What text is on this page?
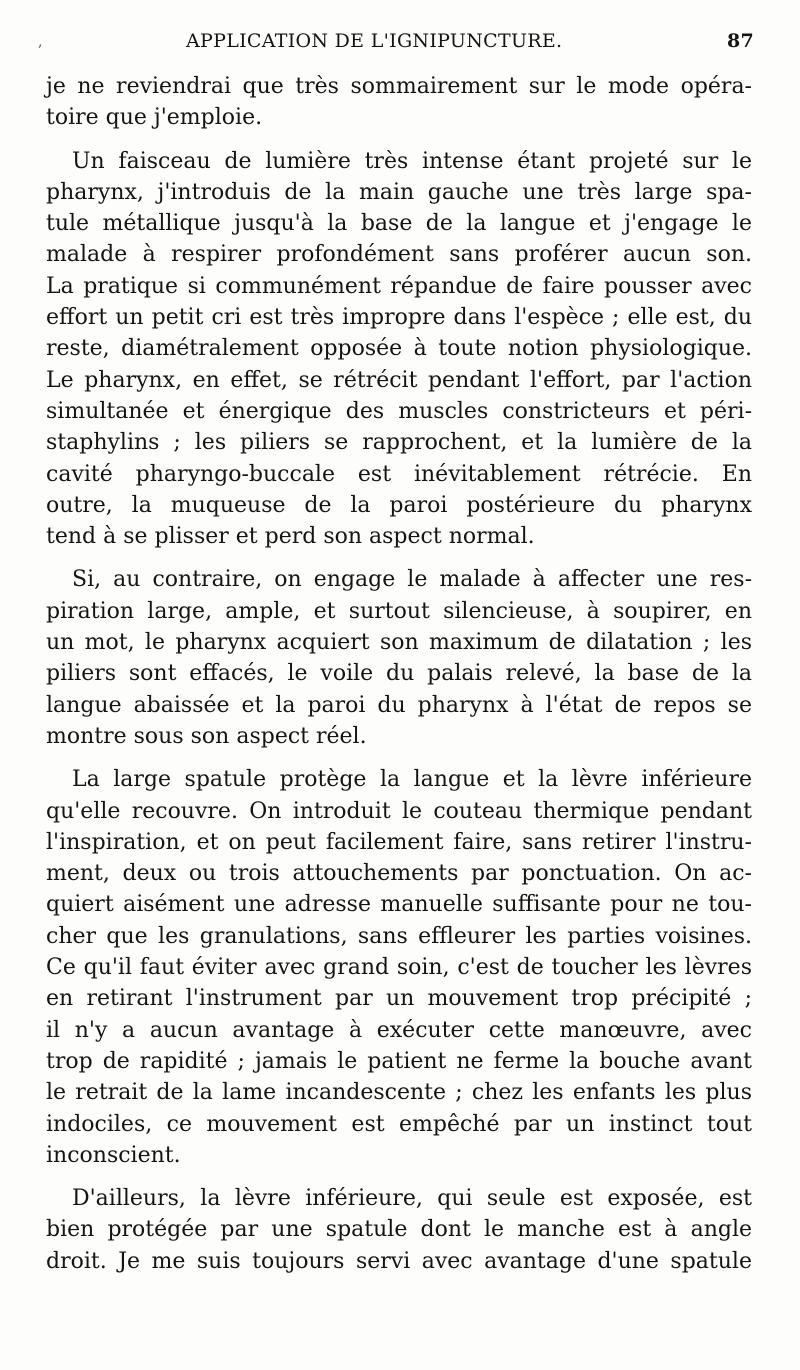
,	APPLICATION DE L'IGNIPUNCTURE.	87
je ne reviendrai que très sommairement sur le mode opéra-
toire que j'emploie.
Un faisceau de lumière très intense étant projeté sur le
pharynx, j'introduis de la main gauche une très large spa-
tule métallique jusqu'à la base de la langue et j'engage le
malade à respirer profondément sans proférer aucun son.
La pratique si communément répandue de faire pousser avec
effort un petit cri est très impropre dans l'espèce ; elle est, du
reste, diamétralement opposée à toute notion physiologique.
Le pharynx, en effet, se rétrécit pendant l'effort, par l'action
simultanée et énergique des muscles constricteurs et péri-
staphylins ; les piliers se rapprochent, et la lumière de la
cavité pharyngo-buccale est inévitablement rétrécie. En
outre, la muqueuse de la paroi postérieure du pharynx
tend à se plisser et perd son aspect normal.
Si, au contraire, on engage le malade à affecter une res-
piration large, ample, et surtout silencieuse, à soupirer, en
un mot, le pharynx acquiert son maximum de dilatation ; les
piliers sont effacés, le voile du palais relevé, la base de la
langue abaissée et la paroi du pharynx à l'état de repos se
montre sous son aspect réel.
La large spatule protège la langue et la lèvre inférieure
qu'elle recouvre. On introduit le couteau thermique pendant
l'inspiration, et on peut facilement faire, sans retirer l'instru-
ment, deux ou trois attouchements par ponctuation. On ac-
quiert aisément une adresse manuelle suffisante pour ne tou-
cher que les granulations, sans effleurer les parties voisines.
Ce qu'il faut éviter avec grand soin, c'est de toucher les lèvres
en retirant l'instrument par un mouvement trop précipité ;
il n'y a aucun avantage à exécuter cette manœuvre, avec
trop de rapidité ; jamais le patient ne ferme la bouche avant
le retrait de la lame incandescente ; chez les enfants les plus
indociles, ce mouvement est empêché par un instinct tout
inconscient.
D'ailleurs, la lèvre inférieure, qui seule est exposée, est
bien protégée par une spatule dont le manche est à angle
droit. Je me suis toujours servi avec avantage d'une spatule
